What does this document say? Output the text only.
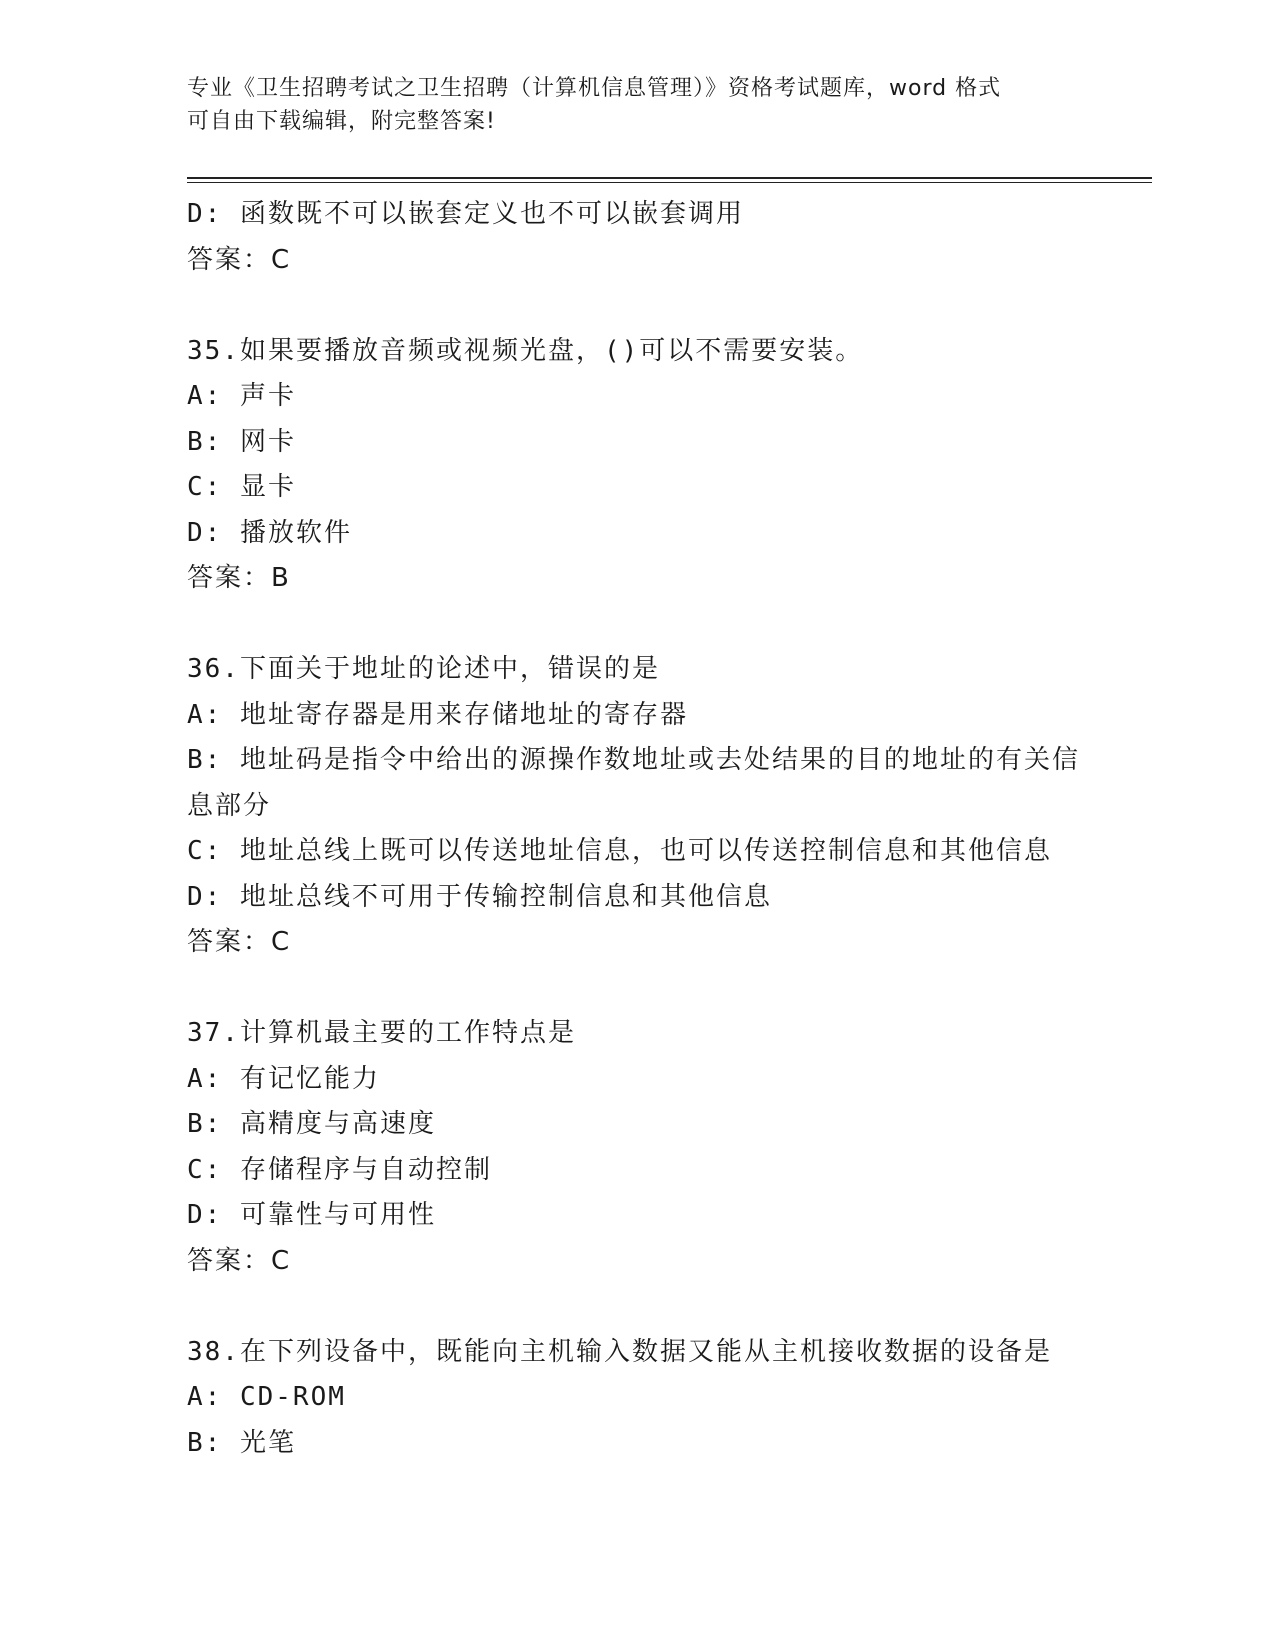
专业《卫生招聘考试之卫生招聘（计算机信息管理）》资格考试题库，word 格式
可自由下载编辑，附完整答案!
D: 函数既不可以嵌套定义也不可以嵌套调用
答案：C
35.如果要播放音频或视频光盘，()可以不需要安装。
A: 声卡
B: 网卡
C: 显卡
D: 播放软件
答案：B
36.下面关于地址的论述中，错误的是
A: 地址寄存器是用来存储地址的寄存器
B: 地址码是指令中给出的源操作数地址或去处结果的目的地址的有关信息部分
C: 地址总线上既可以传送地址信息，也可以传送控制信息和其他信息
D: 地址总线不可用于传输控制信息和其他信息
答案：C
37.计算机最主要的工作特点是
A: 有记忆能力
B: 高精度与高速度
C: 存储程序与自动控制
D: 可靠性与可用性
答案：C
38.在下列设备中，既能向主机输入数据又能从主机接收数据的设备是
A: CD-ROM
B: 光笔
